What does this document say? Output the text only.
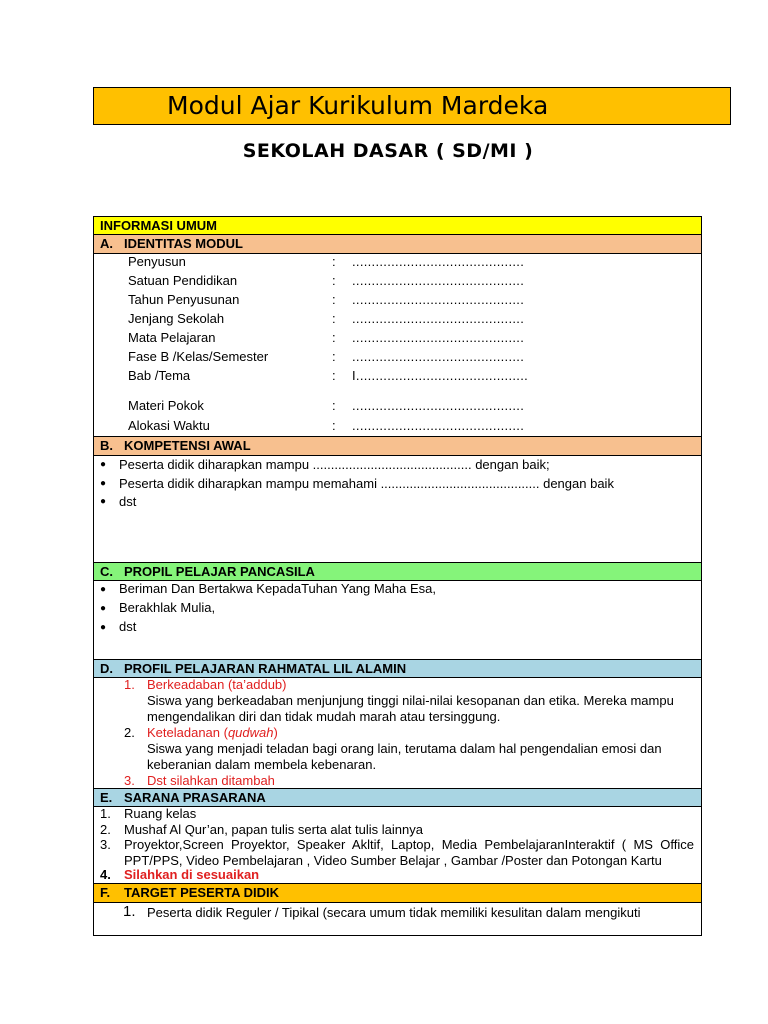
Modul Ajar Kurikulum Mardeka
SEKOLAH DASAR ( SD/MI )
INFORMASI UMUM
A. IDENTITAS MODUL
Penyusun	: ............................................
Satuan Pendidikan	: ............................................
Tahun Penyusunan	: ............................................
Jenjang Sekolah	: ............................................
Mata Pelajaran	: ............................................
Fase B /Kelas/Semester	: ............................................
Bab /Tema	: I............................................
Materi Pokok	: ............................................
Alokasi Waktu	: ............................................
B. KOMPETENSI AWAL
● Peserta didik diharapkan mampu ............................................ dengan baik;
● Peserta didik diharapkan mampu memahami ............................................ dengan baik
● dst
C. PROPIL PELAJAR PANCASILA
● Beriman Dan Bertakwa KepadaTuhan Yang Maha Esa,
● Berakhlak Mulia,
● dst
D. PROFIL PELAJARAN RAHMATAL LIL ALAMIN
1. Berkeadaban (ta’addub)
Siswa yang berkeadaban menjunjung tinggi nilai-nilai kesopanan dan etika. Mereka mampu mengendalikan diri dan tidak mudah marah atau tersinggung.
2. Keteladanan (qudwah)
Siswa yang menjadi teladan bagi orang lain, terutama dalam hal pengendalian emosi dan keberanian dalam membela kebenaran.
3. Dst silahkan ditambah
E. SARANA PRASARANA
1. Ruang kelas
2. Mushaf Al Qur’an, papan tulis serta alat tulis lainnya
3. Proyektor,Screen Proyektor, Speaker Akltif, Laptop, Media PembelajaranInteraktif ( MS Office PPT/PPS, Video Pembelajaran , Video Sumber Belajar , Gambar /Poster dan Potongan Kartu
4. Silahkan di sesuaikan
F. TARGET PESERTA DIDIK
1. Peserta didik Reguler / Tipikal (secara umum tidak memiliki kesulitan dalam mengikuti
